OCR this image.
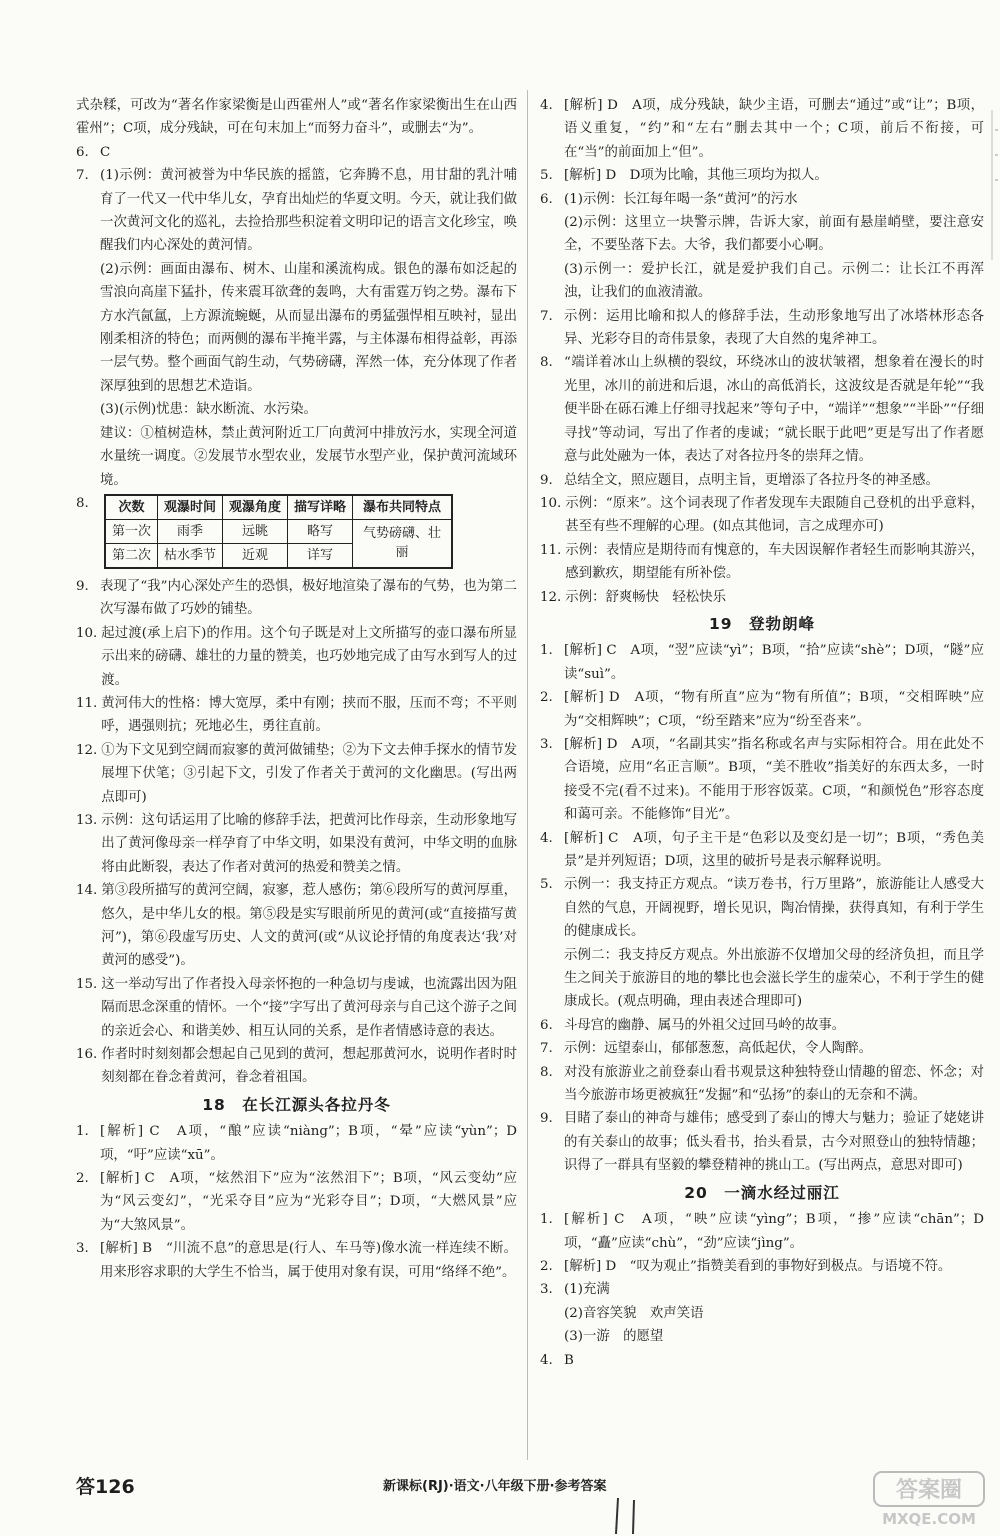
式杂糅，可改为“著名作家梁衡是山西霍州人”或“著名作家梁衡出生在山西霍州”；C项，成分残缺，可在句末加上“而努力奋斗”，或删去“为”。
6. C
7. (1)示例：黄河被誉为中华民族的摇篮，它奔腾不息，用甘甜的乳汁哺育了一代又一代中华儿女，孕育出灿烂的华夏文明。今天，就让我们做一次黄河文化的巡礼，去捡拾那些积淀着文明印记的语言文化珍宝，唤醒我们内心深处的黄河情。
(2)示例：画面由瀑布、树木、山崖和溪流构成。银色的瀑布如泛起的雪浪向高崖下猛扑，传来震耳欲聋的轰鸣，大有雷霆万钧之势。瀑布下方水汽氤氲，上方源流蜿蜒，从而显出瀑布的勇猛强悍相互映衬，显出刚柔相济的特色；而两侧的瀑布半掩半露，与主体瀑布相得益彰，再添一层气势。整个画面气韵生动，气势磅礴，浑然一体，充分体现了作者深厚独到的思想艺术造诣。
(3)(示例)忧患：缺水断流、水污染。
建议：①植树造林，禁止黄河附近工厂向黄河中排放污水，实现全河道水量统一调度。②发展节水型农业，发展节水型产业，保护黄河流域环境。
8.	次数	观瀑时间	观瀑角度	描写详略	瀑布共同特点
第一次	雨季	远眺	略写	气势磅礴、壮丽
第二次	枯水季节	近观	详写	
9. 表现了“我”内心深处产生的恐惧，极好地渲染了瀑布的气势，也为第二次写瀑布做了巧妙的铺垫。
10. 起过渡(承上启下)的作用。这个句子既是对上文所描写的壶口瀑布所显示出来的磅礴、雄壮的力量的赞美，也巧妙地完成了由写水到写人的过渡。
11. 黄河伟大的性格：博大宽厚，柔中有刚；挟而不服，压而不弯；不平则呼，遇强则抗；死地必生，勇往直前。
12. ①为下文见到空阔而寂寥的黄河做铺垫；②为下文去伸手探水的情节发展埋下伏笔；③引起下文，引发了作者关于黄河的文化幽思。(写出两点即可)
13. 示例：这句话运用了比喻的修辞手法，把黄河比作母亲，生动形象地写出了黄河像母亲一样孕育了中华文明，如果没有黄河，中华文明的血脉将由此断裂，表达了作者对黄河的热爱和赞美之情。
14. 第③段所描写的黄河空阔，寂寥，惹人感伤；第⑥段所写的黄河厚重，悠久，是中华儿女的根。第⑤段是实写眼前所见的黄河(或“直接描写黄河”)，第⑥段虚写历史、人文的黄河(或“从议论抒情的角度表达‘我’对黄河的感受”)。
15. 这一举动写出了作者投入母亲怀抱的一种急切与虔诚，也流露出因为阻隔而思念深重的情怀。一个“接”字写出了黄河母亲与自己这个游子之间的亲近会心、和谐美妙、相互认同的关系，是作者情感诗意的表达。
16. 作者时时刻刻都会想起自己见到的黄河，想起那黄河水，说明作者时时刻刻都在眷念着黄河，眷念着祖国。
18　在长江源头各拉丹冬
1. [解析] C　A项，“酿”应读“niàng”；B项，“晕”应读“yùn”；D项，“吁”应读“xū”。
2. [解析] C　A项，“炫然泪下”应为“泫然泪下”；B项，“风云变幼”应为“风云变幻”，“光采夺目”应为“光彩夺目”；D项，“大燃风景”应为“大煞风景”。
3. [解析] B　“川流不息”的意思是(行人、车马等)像水流一样连续不断。用来形容求职的大学生不恰当，属于使用对象有误，可用“络绎不绝”。
4. [解析] D　A项，成分残缺，缺少主语，可删去“通过”或“让”；B项，语义重复，“约”和“左右”删去其中一个；C项，前后不衔接，可在“当”的前面加上“但”。
5. [解析] D　D项为比喻，其他三项均为拟人。
6. (1)示例：长江每年喝一条“黄河”的污水
(2)示例：这里立一块警示牌，告诉大家，前面有悬崖峭壁，要注意安全，不要坠落下去。大爷，我们都要小心啊。
(3)示例一：爱护长江，就是爱护我们自己。示例二：让长江不再浑浊，让我们的血液清澈。
7. 示例：运用比喻和拟人的修辞手法，生动形象地写出了冰塔林形态各异、光彩夺目的奇伟景象，表现了大自然的鬼斧神工。
8. “端详着冰山上纵横的裂纹，环绕冰山的波状皱褶，想象着在漫长的时光里，冰川的前进和后退，冰山的高低消长，这波纹是否就是年轮”“我便半卧在砾石滩上仔细寻找起来”等句子中，“端详”“想象”“半卧”“仔细寻找”等动词，写出了作者的虔诚；“就长眠于此吧”更是写出了作者愿意与此处融为一体，表达了对各拉丹冬的崇拜之情。
9. 总结全文，照应题目，点明主旨，更增添了各拉丹冬的神圣感。
10. 示例：“原来”。这个词表现了作者发现车夫跟随自己登机的出乎意料，甚至有些不理解的心理。(如点其他词，言之成理亦可)
11. 示例：表情应是期待而有愧意的，车夫因误解作者轻生而影响其游兴，感到歉疚，期望能有所补偿。
12. 示例：舒爽畅快　轻松快乐
19　登勃朗峰
1. [解析] C　A项，“翌”应读“yì”；B项，“拾”应读“shè”；D项，“隧”应读“suì”。
2. [解析] D　A项，“物有所直”应为“物有所值”；B项，“交相晖映”应为“交相辉映”；C项，“纷至踏来”应为“纷至沓来”。
3. [解析] D　A项，“名副其实”指名称或名声与实际相符合。用在此处不合语境，应用“名正言顺”。B项，“美不胜收”指美好的东西太多，一时接受不完(看不过来)。不能用于形容饭菜。C项，“和颜悦色”形容态度和蔼可亲。不能修饰“目光”。
4. [解析] C　A项，句子主干是“色彩以及变幻是一切”；B项，“秀色美景”是并列短语；D项，这里的破折号是表示解释说明。
5. 示例一：我支持正方观点。“读万卷书，行万里路”，旅游能让人感受大自然的气息，开阔视野，增长见识，陶冶情操，获得真知，有利于学生的健康成长。
示例二：我支持反方观点。外出旅游不仅增加父母的经济负担，而且学生之间关于旅游目的地的攀比也会滋长学生的虚荣心，不利于学生的健康成长。(观点明确，理由表述合理即可)
6. 斗母宫的幽静、属马的外祖父过回马岭的故事。
7. 示例：远望泰山，郁郁葱葱，高低起伏，令人陶醉。
8. 对没有旅游业之前登泰山看书观景这种独特登山情趣的留恋、怀念；对当今旅游市场更被疯狂“发掘”和“弘扬”的泰山的无奈和不满。
9. 目睹了泰山的神奇与雄伟；感受到了泰山的博大与魅力；验证了姥姥讲的有关泰山的故事；低头看书，抬头看景，古今对照登山的独特情趣；识得了一群具有坚毅的攀登精神的挑山工。(写出两点，意思对即可)
20　一滴水经过丽江
1. [解析] C　A项，“映”应读“yìng”；B项，“掺”应读“chān”；D项，“矗”应读“chù”，“劲”应读“jìng”。
2. [解析] D　“叹为观止”指赞美看到的事物好到极点。与语境不符。
3. (1)充满
(2)音容笑貌　欢声笑语
(3)一游　的愿望
4. B
答126	新课标(RJ)·语文·八年级下册·参考答案	答案圈
MXQE.COM
